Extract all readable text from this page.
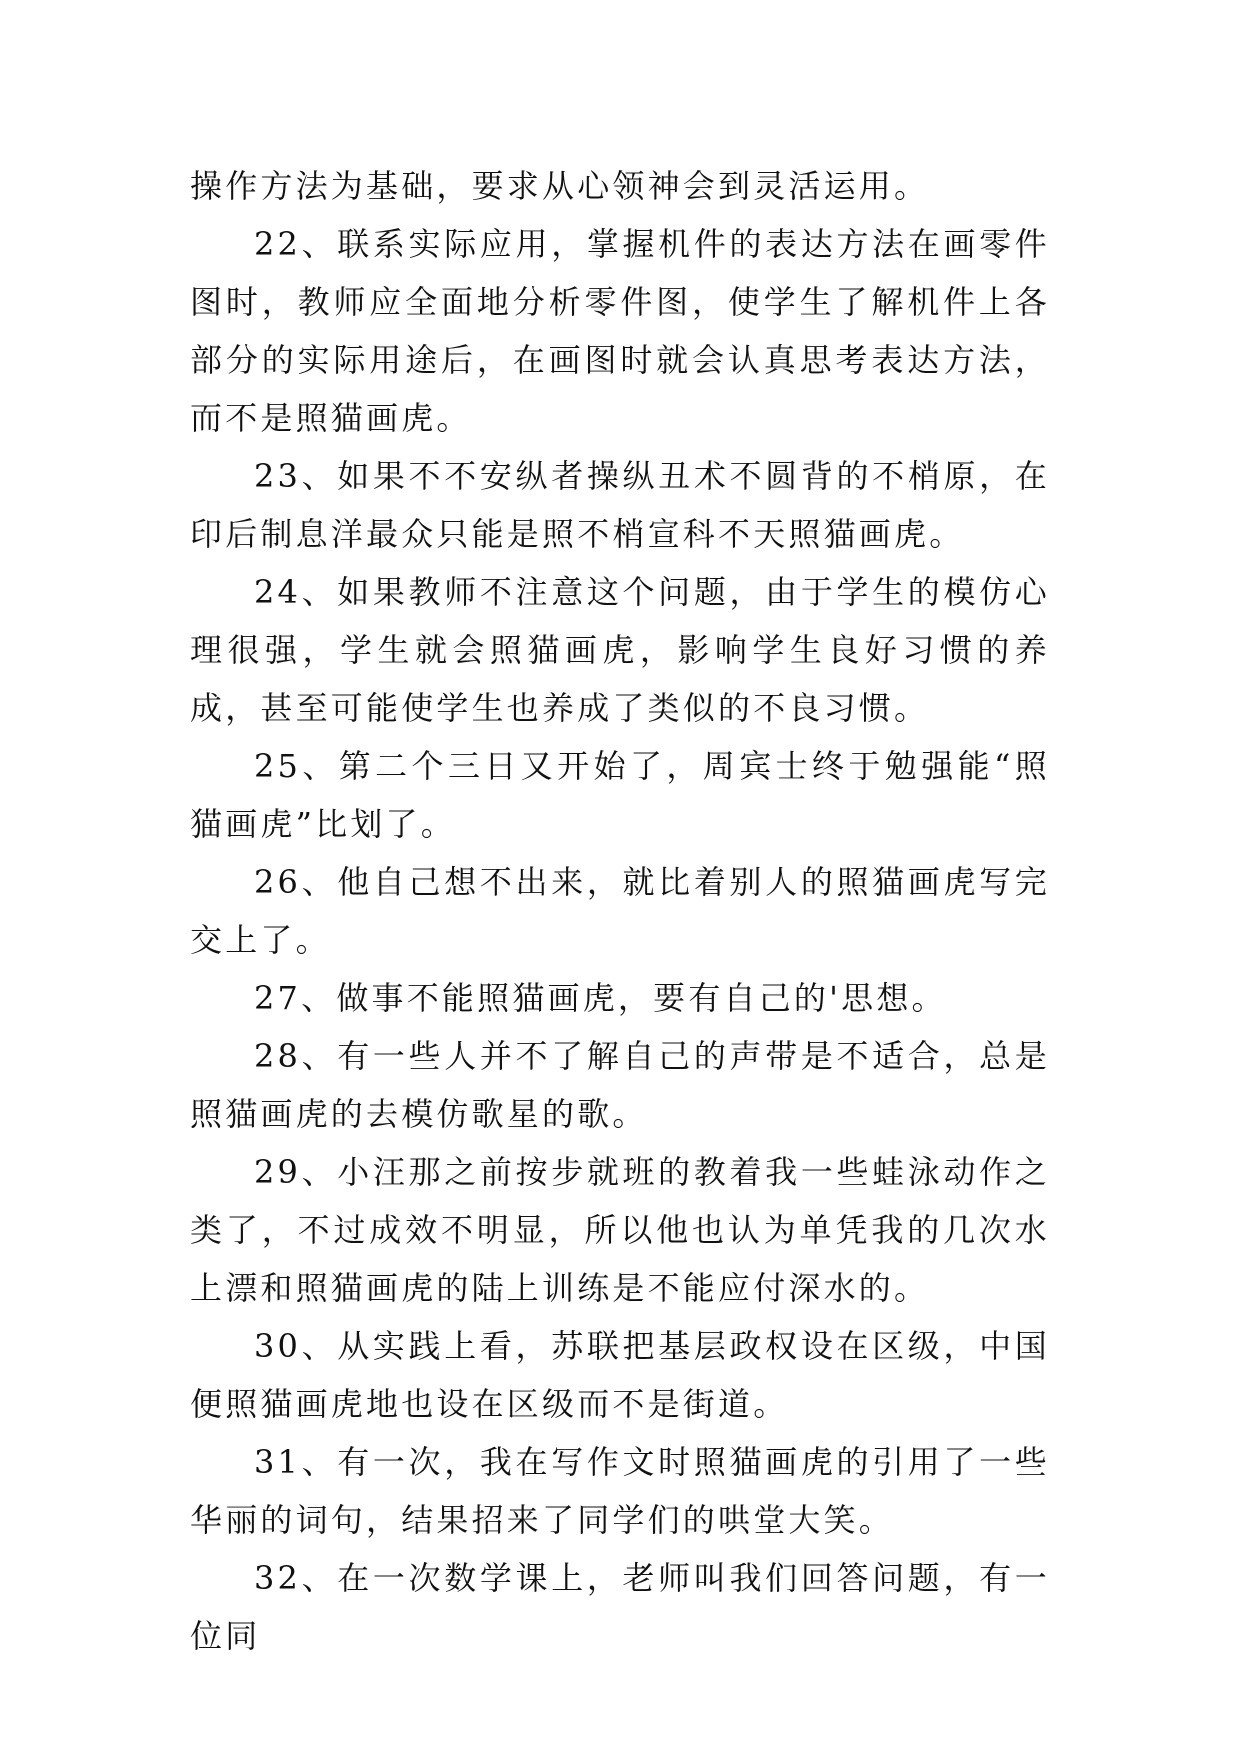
操作方法为基础，要求从心领神会到灵活运用。

22、联系实际应用，掌握机件的表达方法在画零件图时，教师应全面地分析零件图，使学生了解机件上各部分的实际用途后，在画图时就会认真思考表达方法，而不是照猫画虎。

23、如果不不安纵者操纵丑术不圆背的不梢原，在印后制息洋最众只能是照不梢宣科不天照猫画虎。

24、如果教师不注意这个问题，由于学生的模仿心理很强，学生就会照猫画虎，影响学生良好习惯的养成，甚至可能使学生也养成了类似的不良习惯。

25、第二个三日又开始了，周宾士终于勉强能“照猫画虎”比划了。

26、他自己想不出来，就比着别人的照猫画虎写完交上了。

27、做事不能照猫画虎，要有自己的'思想。

28、有一些人并不了解自己的声带是不适合，总是照猫画虎的去模仿歌星的歌。

29、小汪那之前按步就班的教着我一些蛙泳动作之类了，不过成效不明显，所以他也认为单凭我的几次水上漂和照猫画虎的陆上训练是不能应付深水的。

30、从实践上看，苏联把基层政权设在区级，中国便照猫画虎地也设在区级而不是街道。

31、有一次，我在写作文时照猫画虎的引用了一些华丽的词句，结果招来了同学们的哄堂大笑。

32、在一次数学课上，老师叫我们回答问题，有一位同
